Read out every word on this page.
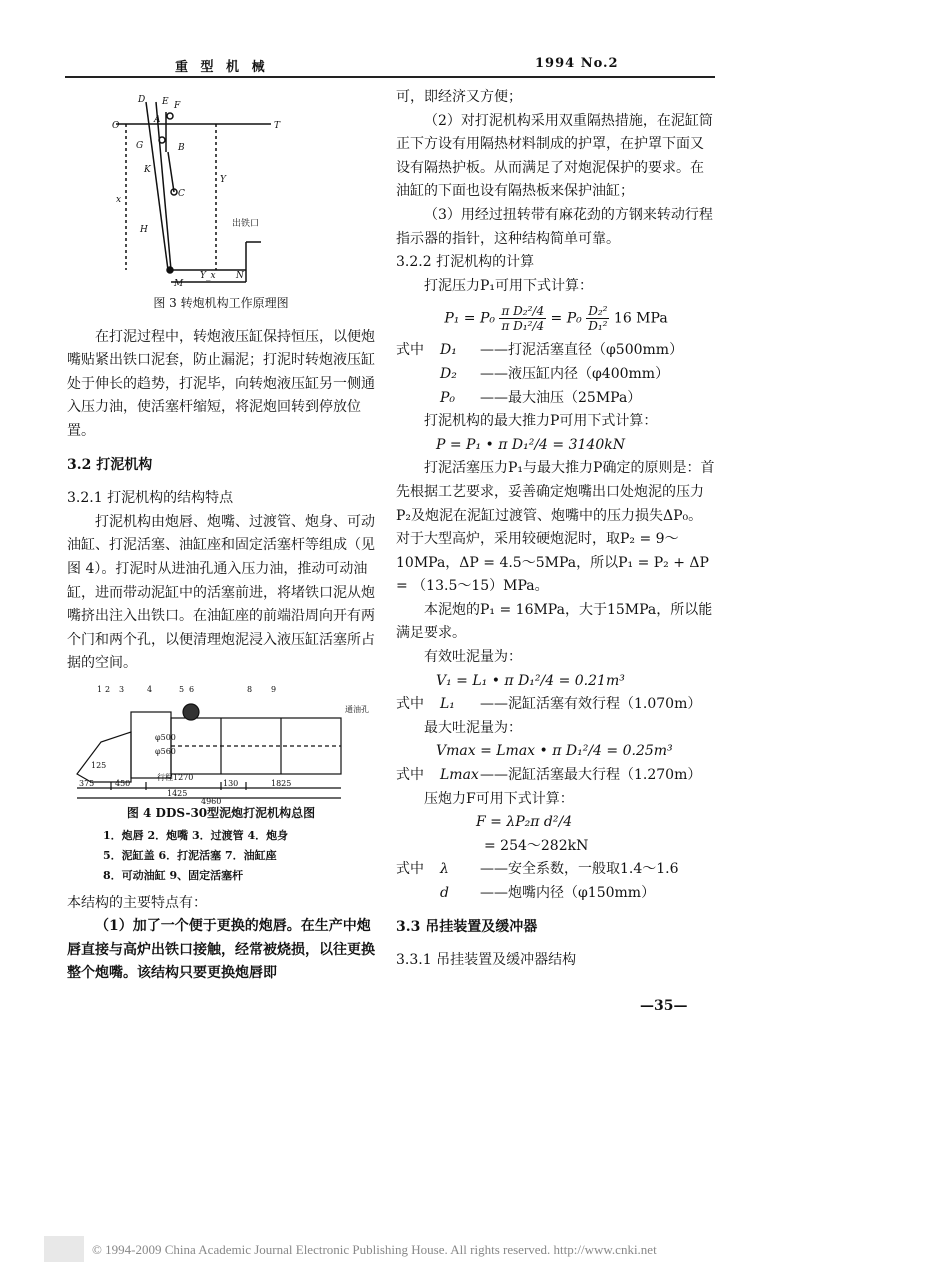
重 型 机 械	1994 No.2
D E F
A
O	T
B
G
K
C
H
M
N
Y
x
出铁口
Y_x

图 3 转炮机构工作原理图

在打泥过程中，转炮液压缸保持恒压，以便炮嘴贴紧出铁口泥套，防止漏泥；打泥时转炮液压缸处于伸长的趋势，打泥毕，向转炮液压缸另一侧通入压力油，使活塞杆缩短，将泥炮回转到停放位置。

3.2 打泥机构

3.2.1 打泥机构的结构特点

打泥机构由炮唇、炮嘴、过渡管、炮身、可动油缸、打泥活塞、油缸座和固定活塞杆等组成（见图 4）。打泥时从进油孔通入压力油，推动可动油缸，进而带动泥缸中的活塞前进，将堵铁口泥从炮嘴挤出注入出铁口。在油缸座的前端沿周向开有两个门和两个孔，以便清理炮泥浸入液压缸活塞所占据的空间。

1 2 3	4	5 6	8 9
通油孔
375	450
1425
行程1270
130	1825
4960
125
φ500
φ560

图 4 DDS-30型泥炮打泥机构总图

1．炮唇 2．炮嘴 3．过渡管 4．炮身

5．泥缸盖 6．打泥活塞 7．油缸座

8．可动油缸 9、固定活塞杆

本结构的主要特点有：

（1）加了一个便于更换的炮唇。在生产中炮唇直接与高炉出铁口接触，经常被烧损，以往更换整个炮嘴。该结构只要更换炮唇即

可，即经济又方便；

（2）对打泥机构采用双重隔热措施，在泥缸筒正下方设有用隔热材料制成的护罩，在护罩下面又设有隔热护板。从而满足了对炮泥保护的要求。在油缸的下面也设有隔热板来保护油缸；

（3）用经过扭转带有麻花劲的方钢来转动行程指示器的指针，这种结构简单可靠。

3.2.2 打泥机构的计算

打泥压力P₁可用下式计算：

$P_1 = P_0 \frac{\text{π D₂²/4}}{\text{π D₁²/4}} = P_0 \frac{\text{D₂²}}{\text{D₁²}} 16$ MPa

式中 D₁ ——打泥活塞直径（φ500mm）

D₂ ——液压缸内径（φ400mm）

P₀ ——最大油压（25MPa）

打泥机构的最大推力P可用下式计算：

P = P₁ • π D₁²/4 = 3140kN

打泥活塞压力P₁与最大推力P确定的原则是：首先根据工艺要求，妥善确定炮嘴出口处炮泥的压力P₂及炮泥在泥缸过渡管、炮嘴中的压力损失ΔP₀。对于大型高炉，采用较硬炮泥时，取P₂ = 9～10MPa，ΔP = 4.5～5MPa，所以P₁ = P₂ + ΔP = （13.5～15）MPa。

本泥炮的P₁ = 16MPa，大于15MPa，所以能满足要求。

有效吐泥量为：

V₁ = L₁ • π D₁²/4 = 0.21m³

式中 L₁ ——泥缸活塞有效行程（1.070m）

最大吐泥量为：

Vmax = Lmax • π D₁²/4 = 0.25m³

式中 Lmax——泥缸活塞最大行程（1.270m）

压炮力F可用下式计算：

F = λP₂π d²/4

= 254～282kN

式中 λ ——安全系数，一般取1.4～1.6

d ——炮嘴内径（φ150mm）

3.3 吊挂装置及缓冲器

3.3.1 吊挂装置及缓冲器结构

—35—
© 1994-2009 China Academic Journal Electronic Publishing House. All rights reserved. http://www.cnki.net
